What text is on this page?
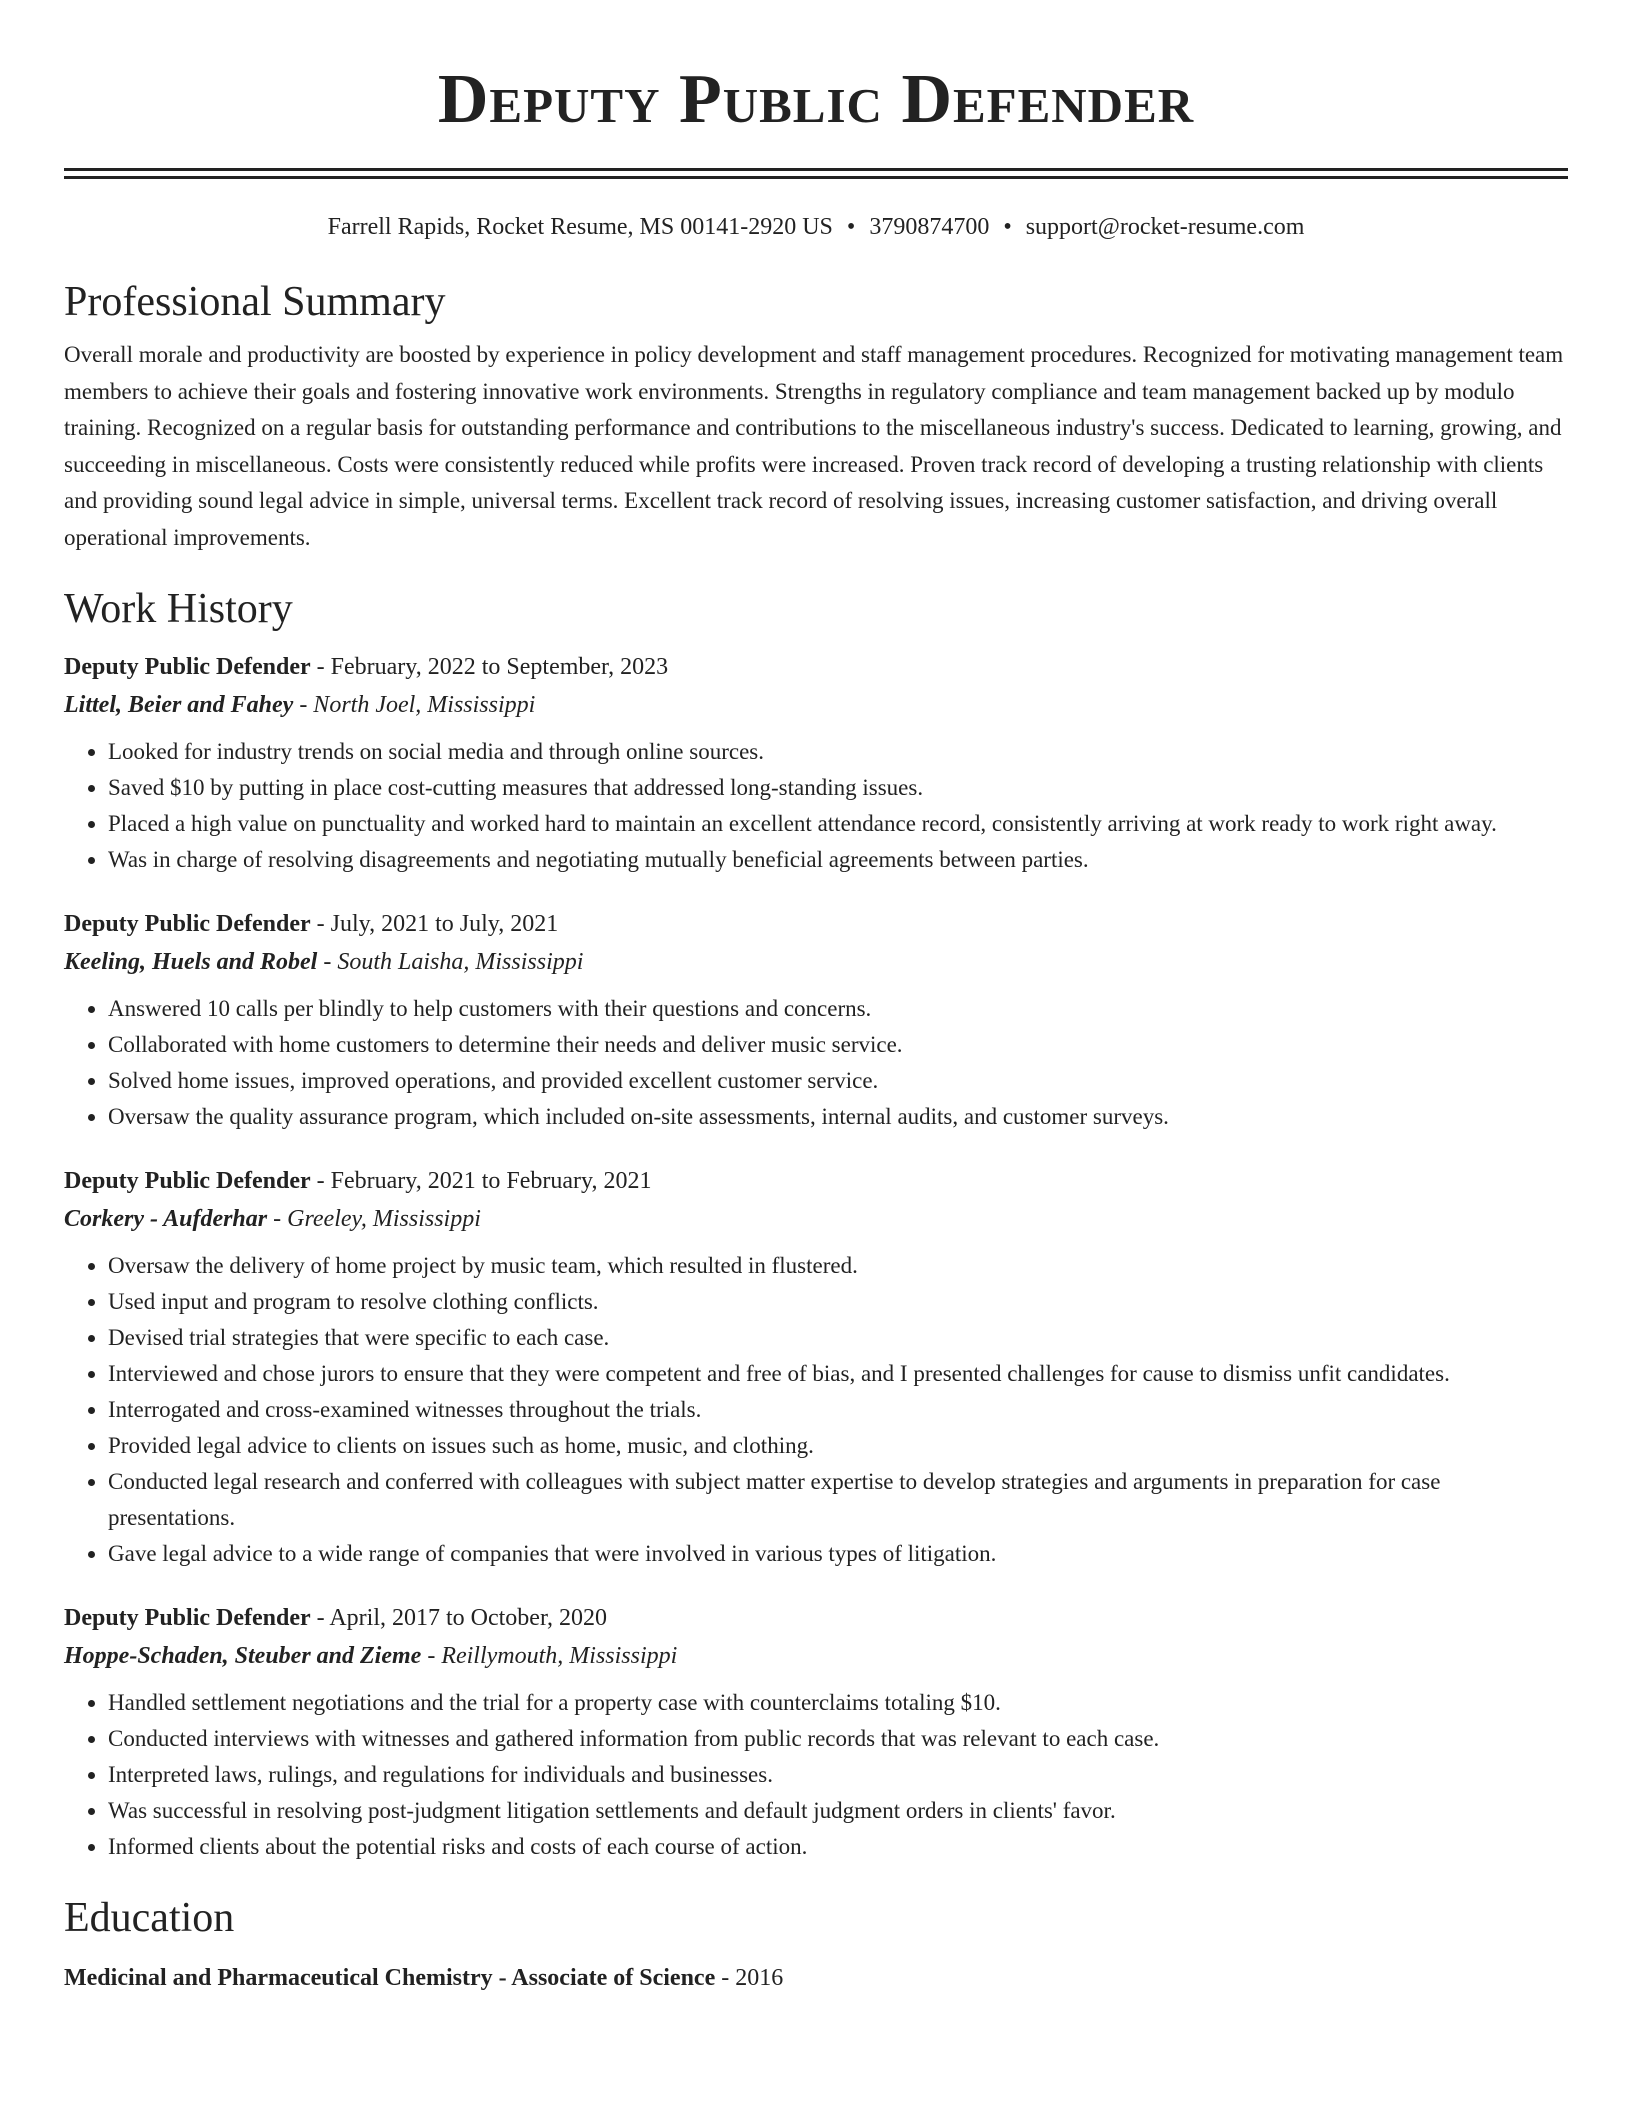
Deputy Public Defender
Farrell Rapids, Rocket Resume, MS 00141-2920 US • 3790874700 • support@rocket-resume.com
Professional Summary
Overall morale and productivity are boosted by experience in policy development and staff management procedures. Recognized for motivating management team members to achieve their goals and fostering innovative work environments. Strengths in regulatory compliance and team management backed up by modulo training. Recognized on a regular basis for outstanding performance and contributions to the miscellaneous industry's success. Dedicated to learning, growing, and succeeding in miscellaneous. Costs were consistently reduced while profits were increased. Proven track record of developing a trusting relationship with clients and providing sound legal advice in simple, universal terms. Excellent track record of resolving issues, increasing customer satisfaction, and driving overall operational improvements.
Work History
Deputy Public Defender - February, 2022 to September, 2023
Littel, Beier and Fahey - North Joel, Mississippi
• Looked for industry trends on social media and through online sources.
• Saved $10 by putting in place cost-cutting measures that addressed long-standing issues.
• Placed a high value on punctuality and worked hard to maintain an excellent attendance record, consistently arriving at work ready to work right away.
• Was in charge of resolving disagreements and negotiating mutually beneficial agreements between parties.
Deputy Public Defender - July, 2021 to July, 2021
Keeling, Huels and Robel - South Laisha, Mississippi
• Answered 10 calls per blindly to help customers with their questions and concerns.
• Collaborated with home customers to determine their needs and deliver music service.
• Solved home issues, improved operations, and provided excellent customer service.
• Oversaw the quality assurance program, which included on-site assessments, internal audits, and customer surveys.
Deputy Public Defender - February, 2021 to February, 2021
Corkery - Aufderhar - Greeley, Mississippi
• Oversaw the delivery of home project by music team, which resulted in flustered.
• Used input and program to resolve clothing conflicts.
• Devised trial strategies that were specific to each case.
• Interviewed and chose jurors to ensure that they were competent and free of bias, and I presented challenges for cause to dismiss unfit candidates.
• Interrogated and cross-examined witnesses throughout the trials.
• Provided legal advice to clients on issues such as home, music, and clothing.
• Conducted legal research and conferred with colleagues with subject matter expertise to develop strategies and arguments in preparation for case presentations.
• Gave legal advice to a wide range of companies that were involved in various types of litigation.
Deputy Public Defender - April, 2017 to October, 2020
Hoppe-Schaden, Steuber and Zieme - Reillymouth, Mississippi
• Handled settlement negotiations and the trial for a property case with counterclaims totaling $10.
• Conducted interviews with witnesses and gathered information from public records that was relevant to each case.
• Interpreted laws, rulings, and regulations for individuals and businesses.
• Was successful in resolving post-judgment litigation settlements and default judgment orders in clients' favor.
• Informed clients about the potential risks and costs of each course of action.
Education
Medicinal and Pharmaceutical Chemistry - Associate of Science - 2016
